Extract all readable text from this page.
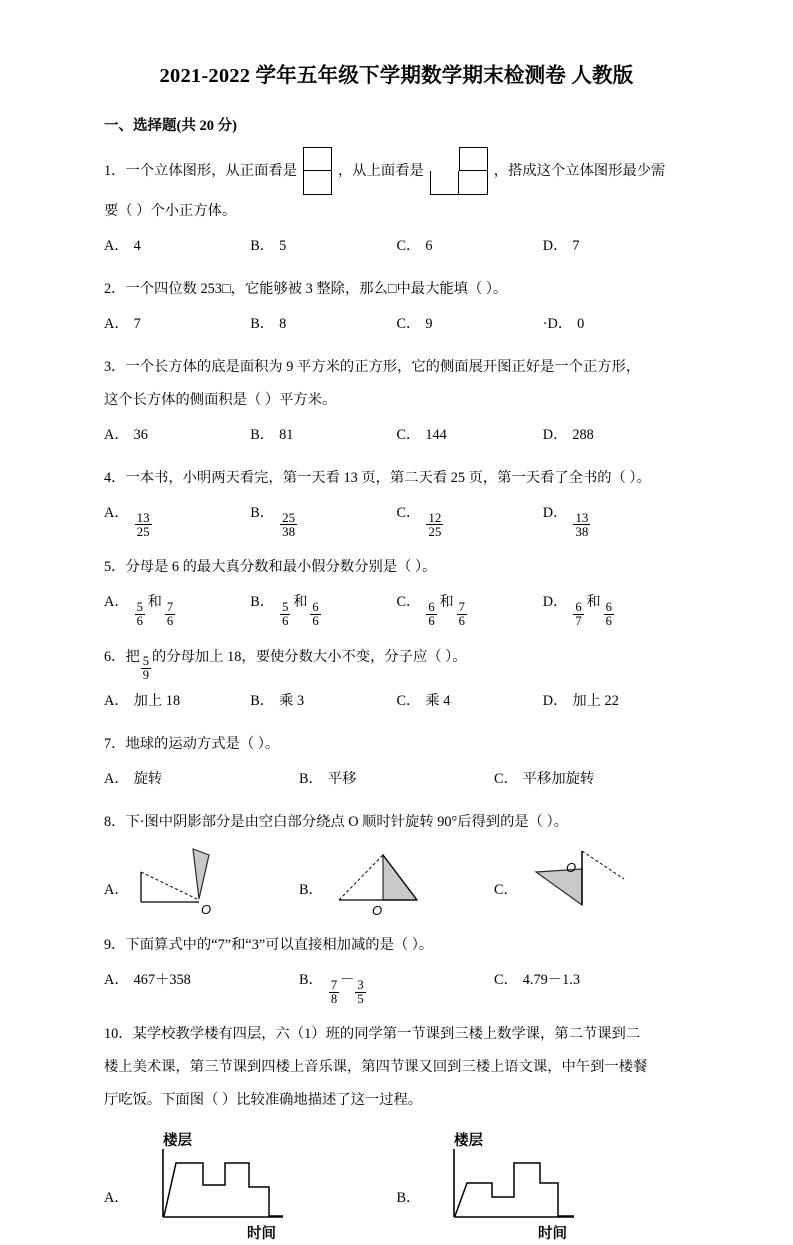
2021-2022 学年五年级下学期数学期末检测卷 人教版
一、选择题(共 20 分)
1．一个立体图形，从正面看是	，从上面看是	，搭成这个立体图形最少需
要（ ）个小正方体。
A． 4	B． 5	C． 6	D． 7
2．一个四位数 253□，它能够被 3 整除，那么□中最大能填（ ）。
A． 7	B． 8	C． 9	·D． 0
3．一个长方体的底是面积为 9 平方米的正方形，它的侧面展开图正好是一个正方形，
这个长方体的侧面积是（ ）平方米。
A． 36	B． 81	C． 144	D． 288
4．一本书，小明两天看完，第一天看 13 页，第二天看 25 页，第一天看了全书的（ ）。
A． $\frac{13}{25}$	B． $\frac{25}{38}$	C． $\frac{12}{25}$	D． $\frac{13}{38}$
5．分母是 6 的最大真分数和最小假分数分别是（ ）。
A． $\frac{5}{6}$ 和 $\frac{7}{6}$	B． $\frac{5}{6}$ 和 $\frac{6}{6}$	C． $\frac{6}{6}$ 和 $\frac{7}{6}$	D． $\frac{6}{7}$ 和 $\frac{6}{6}$
6．把 $\frac{5}{9}$ 的分母加上 18，要使分数大小不变，分子应（ ）。
A． 加上 18	B． 乘 3	C． 乘 4	D． 加上 22
7．地球的运动方式是（ ）。
A． 旋转	B． 平移	C． 平移加旋转
8．下·图中阴影部分是由空白部分绕点 O 顺时针旋转 90°后得到的是（ ）。
A．
O
B．
O
C．
O
9．下面算式中的“7”和“3”可以直接相加减的是（ ）。
A． 467＋358	B． $\frac{7}{8} - \frac{3}{5}$	C． 4.79－1.3
10．某学校教学楼有四层，六（1）班的同学第一节课到三楼上数学课，第二节课到二
楼上美术课，第三节课到四楼上音乐课，第四节课又回到三楼上语文课，中午到一楼餐
厅吃饭。下面图（ ）比较准确地描述了这一过程。
A．
楼层
时间
B．
楼层
时间
